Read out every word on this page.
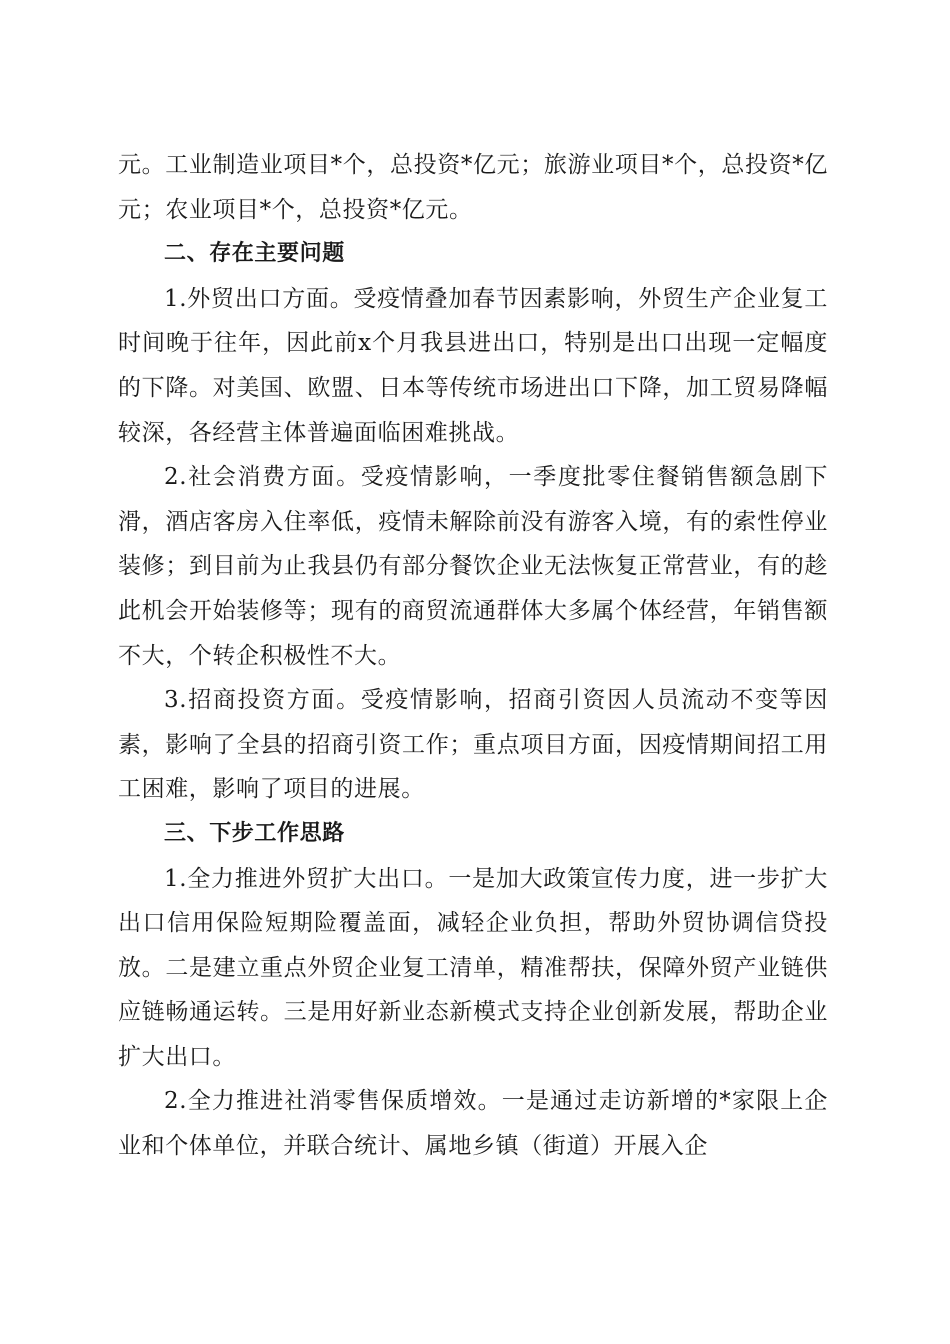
元。工业制造业项目*个，总投资*亿元；旅游业项目*个，总投资*亿元；农业项目*个，总投资*亿元。

二、存在主要问题

1.外贸出口方面。受疫情叠加春节因素影响，外贸生产企业复工时间晚于往年，因此前x个月我县进出口，特别是出口出现一定幅度的下降。对美国、欧盟、日本等传统市场进出口下降，加工贸易降幅较深，各经营主体普遍面临困难挑战。

2.社会消费方面。受疫情影响，一季度批零住餐销售额急剧下滑，酒店客房入住率低，疫情未解除前没有游客入境，有的索性停业装修；到目前为止我县仍有部分餐饮企业无法恢复正常营业，有的趁此机会开始装修等；现有的商贸流通群体大多属个体经营，年销售额不大，个转企积极性不大。

3.招商投资方面。受疫情影响，招商引资因人员流动不变等因素，影响了全县的招商引资工作；重点项目方面，因疫情期间招工用工困难，影响了项目的进展。

三、下步工作思路

1.全力推进外贸扩大出口。一是加大政策宣传力度，进一步扩大出口信用保险短期险覆盖面，减轻企业负担，帮助外贸协调信贷投放。二是建立重点外贸企业复工清单，精准帮扶，保障外贸产业链供应链畅通运转。三是用好新业态新模式支持企业创新发展，帮助企业扩大出口。

2.全力推进社消零售保质增效。一是通过走访新增的*家限上企业和个体单位，并联合统计、属地乡镇（街道）开展入企
